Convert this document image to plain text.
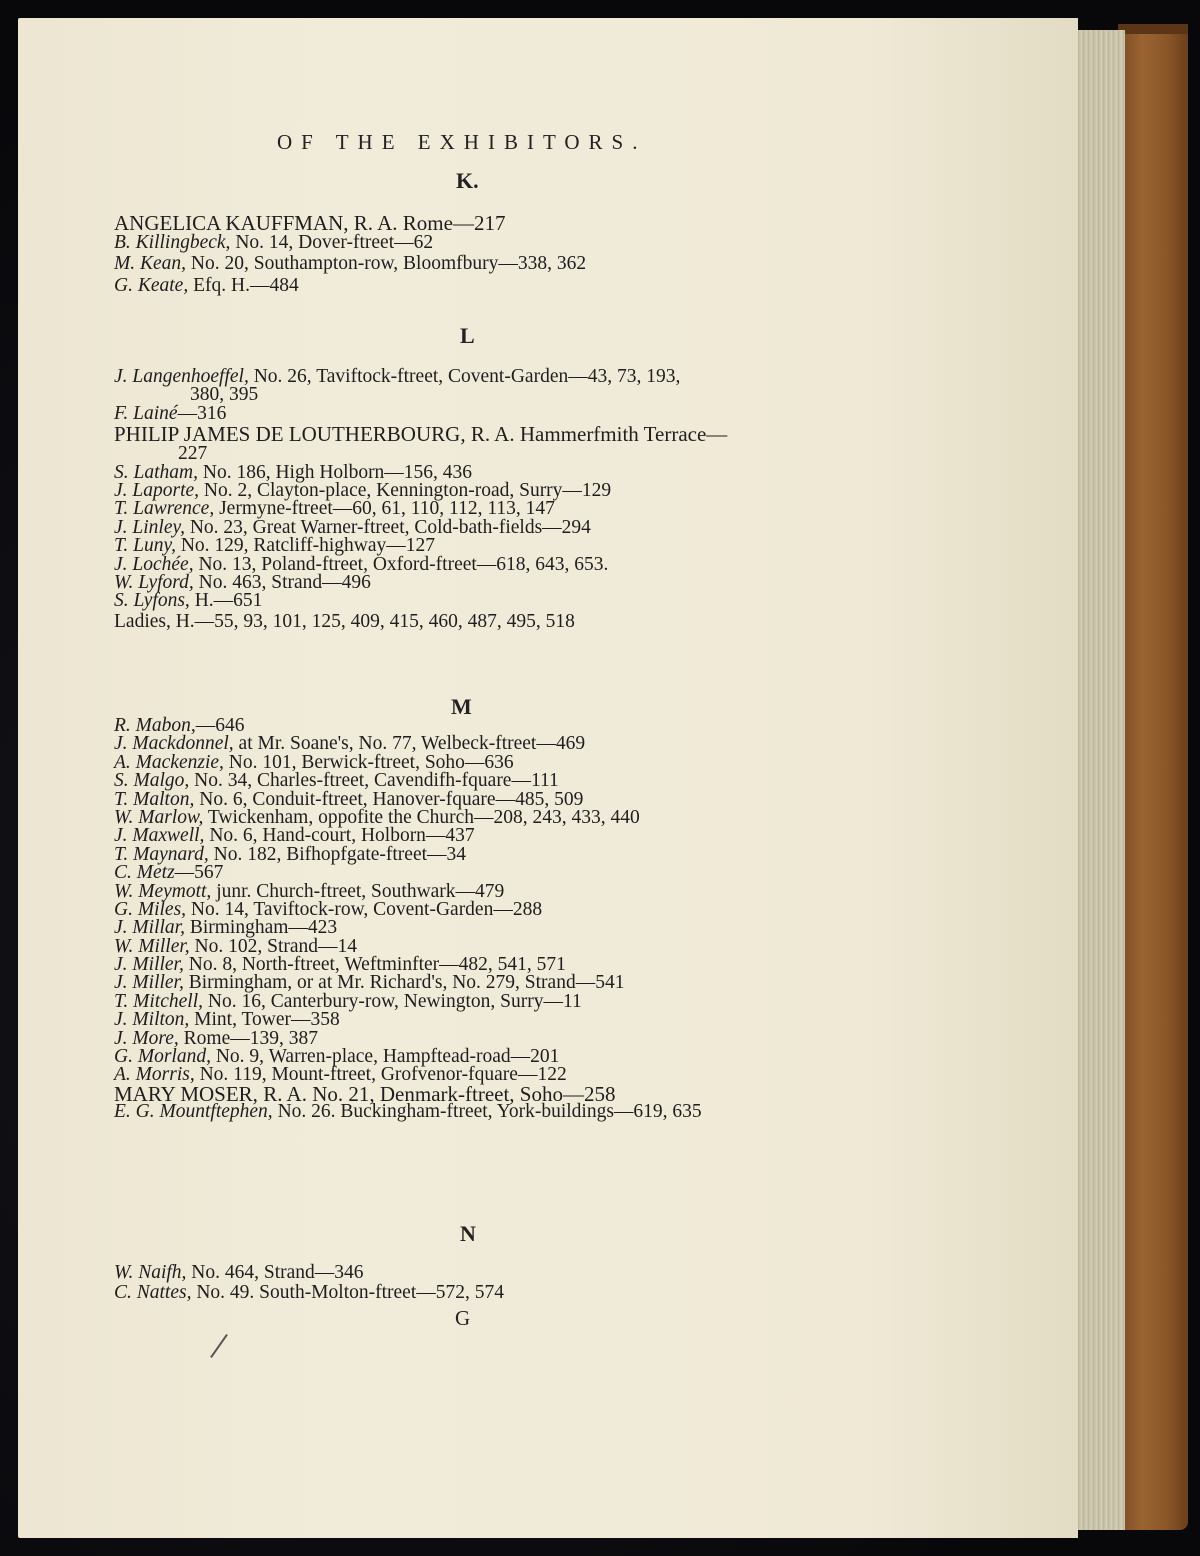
OF THE EXHIBITORS.
K.
ANGELICA KAUFFMAN, R. A. Rome—217
B. Killingbeck, No. 14, Dover-ftreet—62
M. Kean, No. 20, Southampton-row, Bloomfbury—338, 362
G. Keate, Efq. H.—484
L
J. Langenhoeffel, No. 26, Taviftock-ftreet, Covent-Garden—43, 73, 193,
380, 395
F. Lainé—316
PHILIP JAMES DE LOUTHERBOURG, R. A. Hammerfmith Terrace—
227
S. Latham, No. 186, High Holborn—156, 436
J. Laporte, No. 2, Clayton-place, Kennington-road, Surry—129
T. Lawrence, Jermyne-ftreet—60, 61, 110, 112, 113, 147
J. Linley, No. 23, Great Warner-ftreet, Cold-bath-fields—294
T. Luny, No. 129, Ratcliff-highway—127
J. Lochée, No. 13, Poland-ftreet, Oxford-ftreet—618, 643, 653.
W. Lyford, No. 463, Strand—496
S. Lyfons, H.—651
Ladies, H.—55, 93, 101, 125, 409, 415, 460, 487, 495, 518
M
R. Mabon,—646
J. Mackdonnel, at Mr. Soane's, No. 77, Welbeck-ftreet—469
A. Mackenzie, No. 101, Berwick-ftreet, Soho—636
S. Malgo, No. 34, Charles-ftreet, Cavendifh-fquare—111
T. Malton, No. 6, Conduit-ftreet, Hanover-fquare—485, 509
W. Marlow, Twickenham, oppofite the Church—208, 243, 433, 440
J. Maxwell, No. 6, Hand-court, Holborn—437
T. Maynard, No. 182, Bifhopfgate-ftreet—34
C. Metz—567
W. Meymott, junr. Church-ftreet, Southwark—479
G. Miles, No. 14, Taviftock-row, Covent-Garden—288
J. Millar, Birmingham—423
W. Miller, No. 102, Strand—14
J. Miller, No. 8, North-ftreet, Weftminfter—482, 541, 571
J. Miller, Birmingham, or at Mr. Richard's, No. 279, Strand—541
T. Mitchell, No. 16, Canterbury-row, Newington, Surry—11
J. Milton, Mint, Tower—358
J. More, Rome—139, 387
G. Morland, No. 9, Warren-place, Hampftead-road—201
A. Morris, No. 119, Mount-ftreet, Grofvenor-fquare—122
MARY MOSER, R. A. No. 21, Denmark-ftreet, Soho—258
E. G. Mountftephen, No. 26. Buckingham-ftreet, York-buildings—619, 635
N
W. Naifh, No. 464, Strand—346
C. Nattes, No. 49. South-Molton-ftreet—572, 574
G
